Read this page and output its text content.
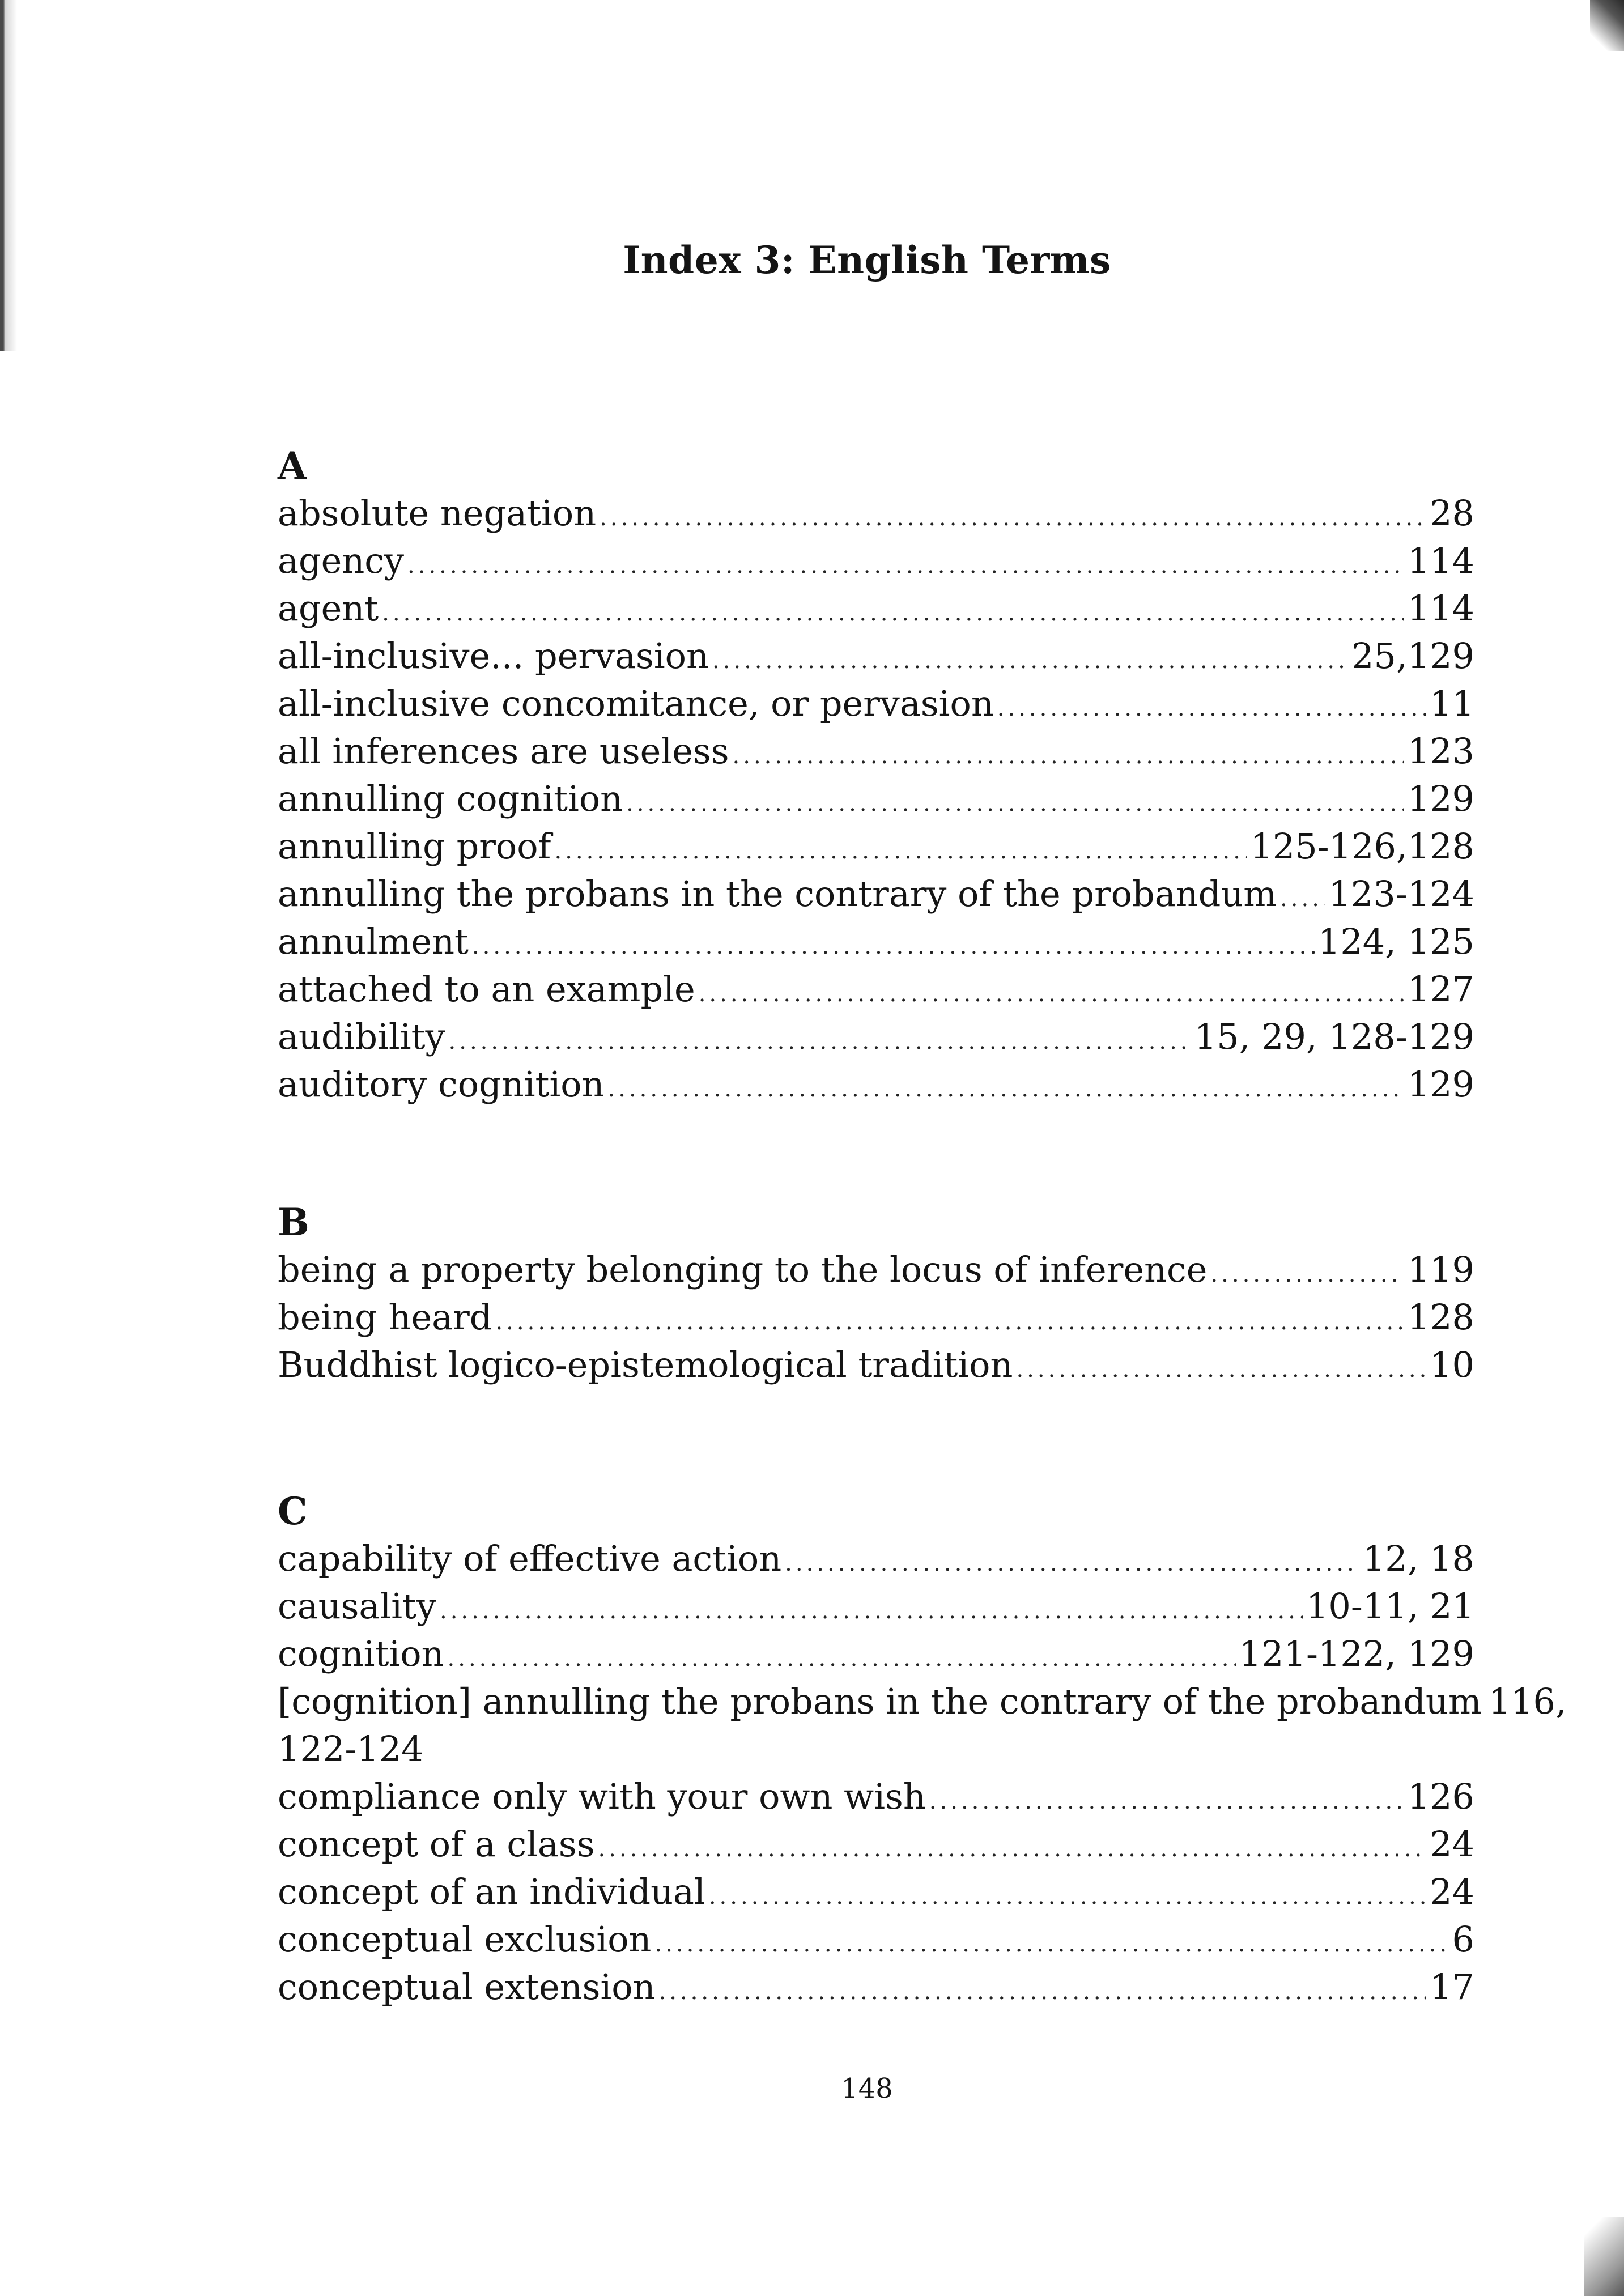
Index 3: English Terms
A
absolute negation .....	28
agency .....	114
agent .....	114
all-inclusive... pervasion .....	25,129
all-inclusive concomitance, or pervasion .....	11
all inferences are useless .....	123
annulling cognition .....	129
annulling proof .....	125-126,128
annulling the probans in the contrary of the probandum ..... 123-124
annulment .....	124, 125
attached to an example .....	127
audibility .....	15, 29, 128-129
auditory cognition .....	129
B
being a property belonging to the locus of inference .....	119
being heard .....	128
Buddhist logico-epistemological tradition .....	10
C
capability of effective action .....	12, 18
causality .....	10-11, 21
cognition .....	121-122, 129
[cognition] annulling the probans in the contrary of the probandum 116,
122-124
compliance only with your own wish .....	126
concept of a class .....	24
concept of an individual .....	24
conceptual exclusion .....	6
conceptual extension .....	17
148
